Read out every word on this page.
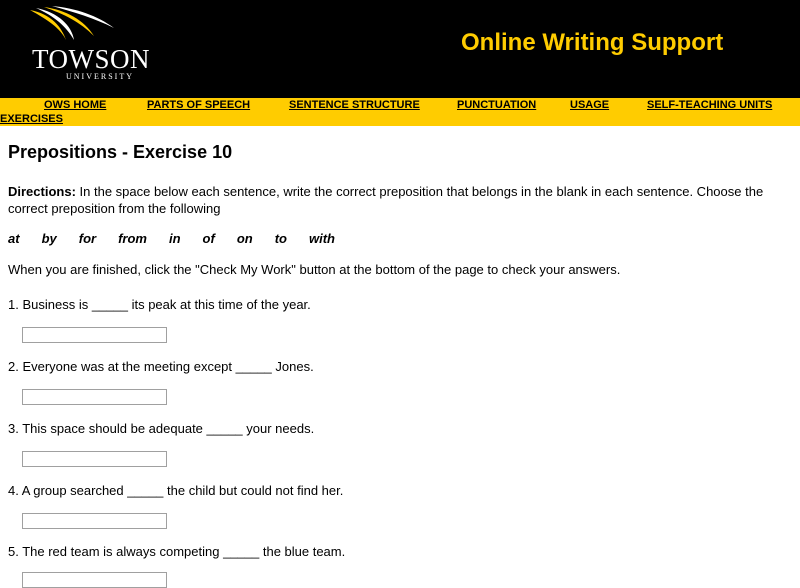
TOWSON
UNIVERSITY
Online Writing Support
OWS HOME	PARTS OF SPEECH	SENTENCE STRUCTURE	PUNCTUATION	USAGE	SELF-TEACHING UNITS
EXERCISES
Prepositions - Exercise 10
Directions: In the space below each sentence, write the correct preposition that belongs in the blank in each sentence. Choose the correct preposition from the following
at by for from in of on to with
When you are finished, click the "Check My Work" button at the bottom of the page to check your answers.
1. Business is _____ its peak at this time of the year.
2. Everyone was at the meeting except _____ Jones.
3. This space should be adequate _____ your needs.
4. A group searched _____ the child but could not find her.
5. The red team is always competing _____ the blue team.
